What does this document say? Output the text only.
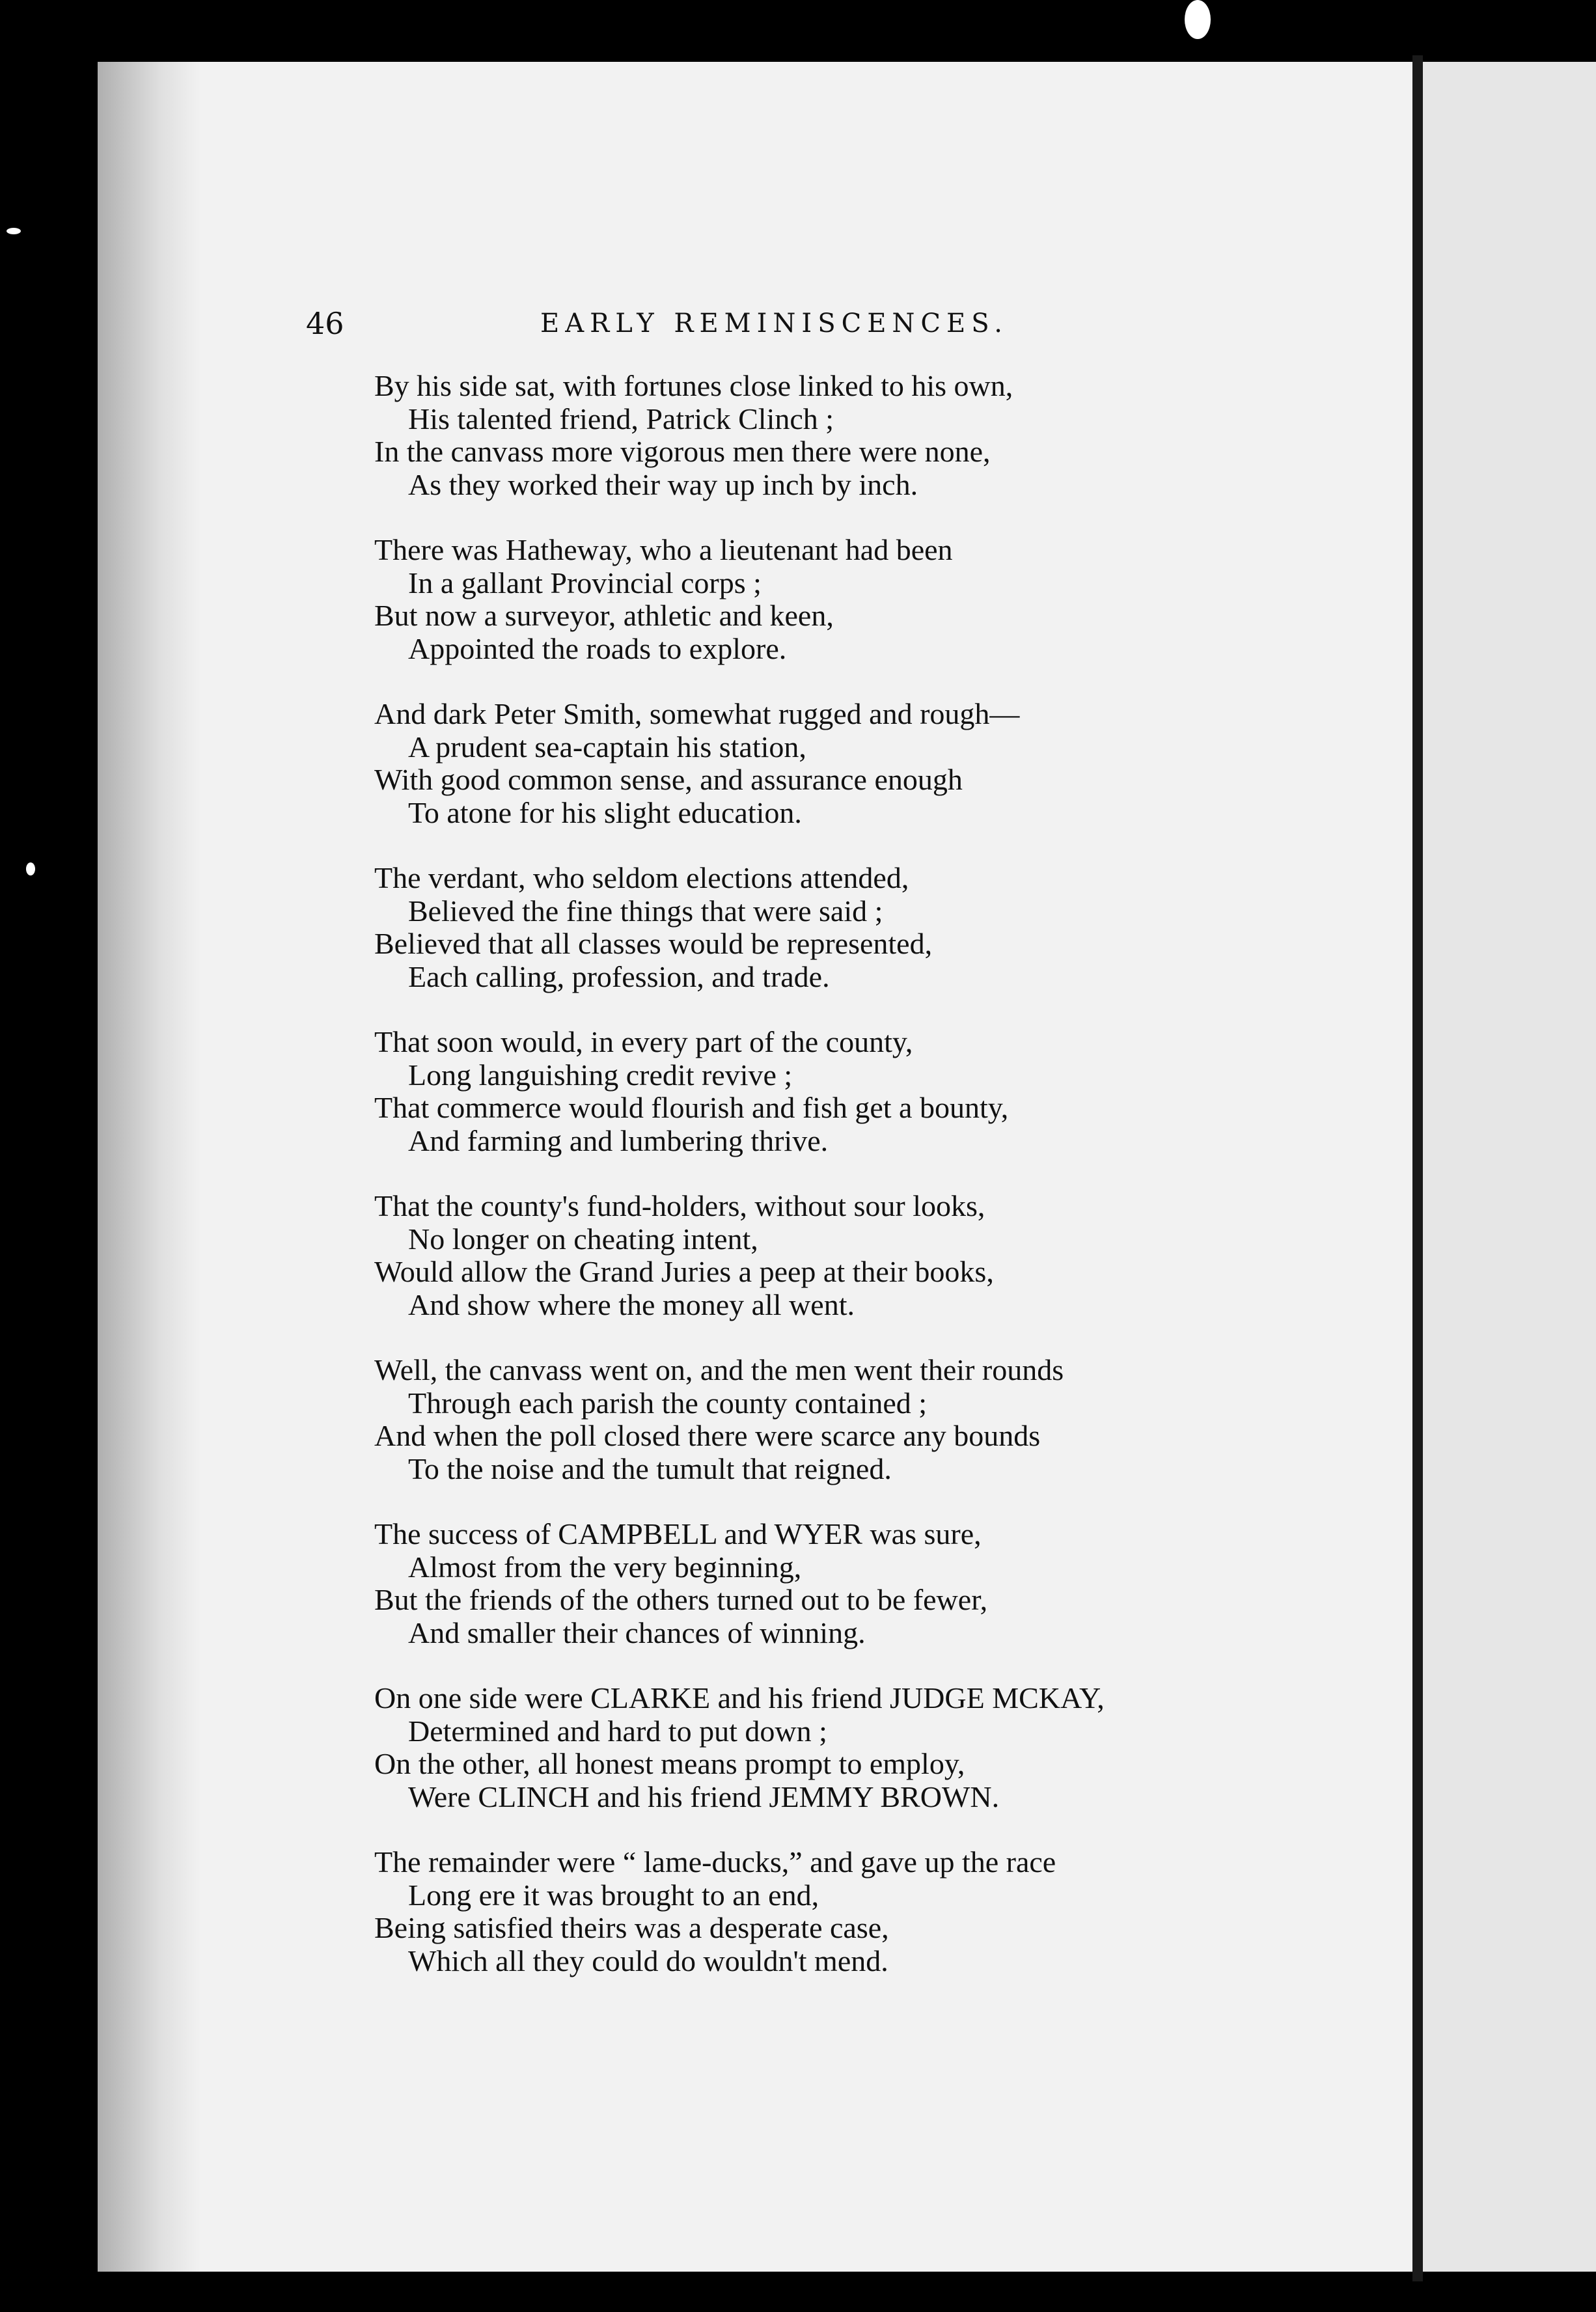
46	EARLY REMINISCENCES.
By his side sat, with fortunes close linked to his own,
His talented friend, Patrick Clinch ;
In the canvass more vigorous men there were none,
As they worked their way up inch by inch.
There was Hatheway, who a lieutenant had been
In a gallant Provincial corps ;
But now a surveyor, athletic and keen,
Appointed the roads to explore.
And dark Peter Smith, somewhat rugged and rough—
A prudent sea-captain his station,
With good common sense, and assurance enough
To atone for his slight education.
The verdant, who seldom elections attended,
Believed the fine things that were said ;
Believed that all classes would be represented,
Each calling, profession, and trade.
That soon would, in every part of the county,
Long languishing credit revive ;
That commerce would flourish and fish get a bounty,
And farming and lumbering thrive.
That the county's fund-holders, without sour looks,
No longer on cheating intent,
Would allow the Grand Juries a peep at their books,
And show where the money all went.
Well, the canvass went on, and the men went their rounds
Through each parish the county contained ;
And when the poll closed there were scarce any bounds
To the noise and the tumult that reigned.
The success of CAMPBELL and WYER was sure,
Almost from the very beginning,
But the friends of the others turned out to be fewer,
And smaller their chances of winning.
On one side were CLARKE and his friend JUDGE MCKAY,
Determined and hard to put down ;
On the other, all honest means prompt to employ,
Were CLINCH and his friend JEMMY BROWN.
The remainder were “ lame-ducks,” and gave up the race
Long ere it was brought to an end,
Being satisfied theirs was a desperate case,
Which all they could do wouldn't mend.
